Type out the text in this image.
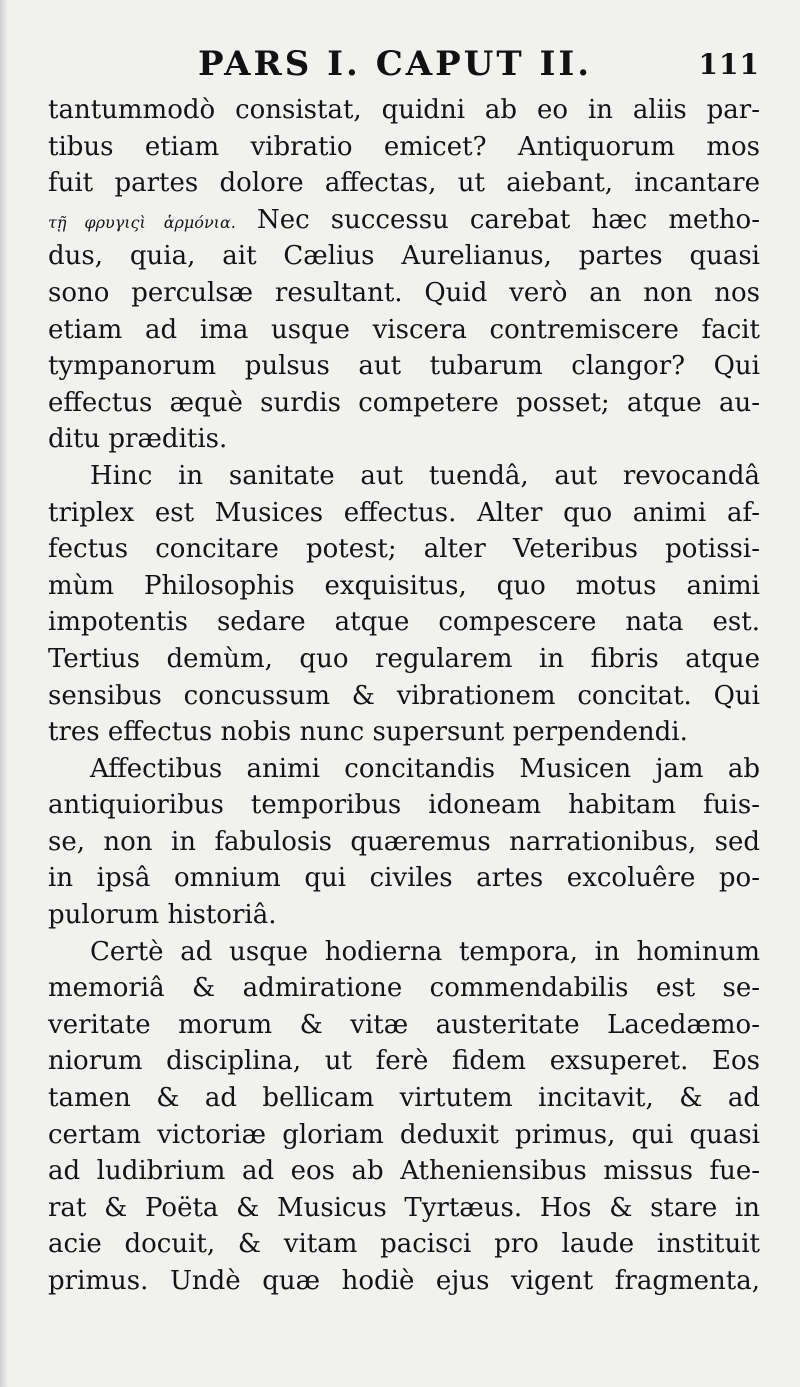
PARS I. CAPUT II.	111
tantummodò consistat, quidni ab eo in aliis par-
tibus etiam vibratio emicet? Antiquorum mos
fuit partes dolore affectas, ut aiebant, incantare
τῇ φρυγιςὶ ἁρμόνια. Nec successu carebat hæc metho-
dus, quia, ait Cælius Aurelianus, partes quasi
sono perculsæ resultant. Quid verò an non nos
etiam ad ima usque viscera contremiscere facit
tympanorum pulsus aut tubarum clangor? Qui
effectus æquè surdis competere posset; atque au-
ditu præditis.
Hinc in sanitate aut tuendâ, aut revocandâ
triplex est Musices effectus. Alter quo animi af-
fectus concitare potest; alter Veteribus potissi-
mùm Philosophis exquisitus, quo motus animi
impotentis sedare atque compescere nata est.
Tertius demùm, quo regularem in fibris atque
sensibus concussum & vibrationem concitat. Qui
tres effectus nobis nunc supersunt perpendendi.
Affectibus animi concitandis Musicen jam ab
antiquioribus temporibus idoneam habitam fuis-
se, non in fabulosis quæremus narrationibus, sed
in ipsâ omnium qui civiles artes excoluêre po-
pulorum historiâ.
Certè ad usque hodierna tempora, in hominum
memoriâ & admiratione commendabilis est se-
veritate morum & vitæ austeritate Lacedæmo-
niorum disciplina, ut ferè fidem exsuperet. Eos
tamen & ad bellicam virtutem incitavit, & ad
certam victoriæ gloriam deduxit primus, qui quasi
ad ludibrium ad eos ab Atheniensibus missus fue-
rat & Poëta & Musicus Tyrtæus. Hos & stare in
acie docuit, & vitam pacisci pro laude instituit
primus. Undè quæ hodiè ejus vigent fragmenta,
